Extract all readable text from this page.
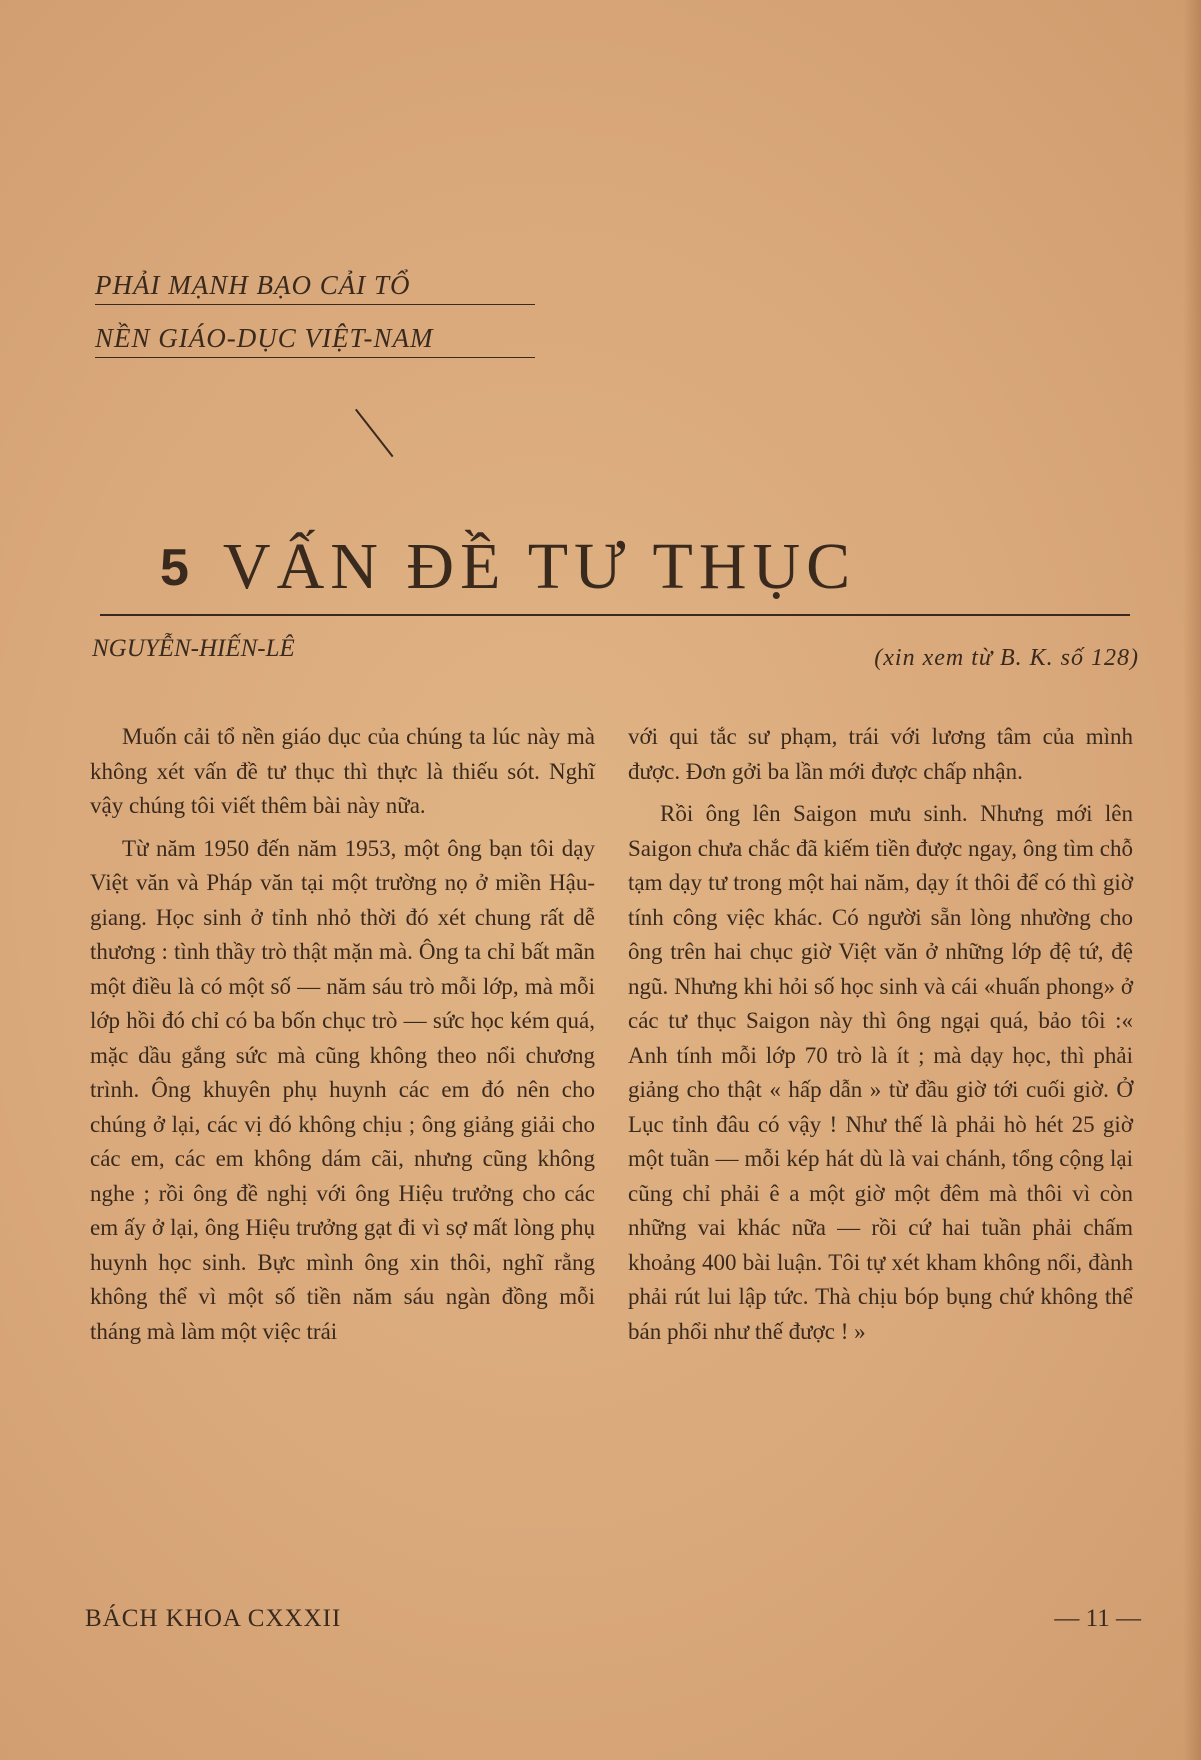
PHẢI MẠNH BẠO CẢI TỔ
NỀN GIÁO-DỤC VIỆT-NAM
5 VẤN ĐỀ TƯ THỤC
NGUYỄN-HIẾN-LÊ	(xin xem từ B. K. số 128)

Muốn cải tổ nền giáo dục của chúng ta lúc này mà không xét vấn đề tư thục thì thực là thiếu sót. Nghĩ vậy chúng tôi viết thêm bài này nữa.

Từ năm 1950 đến năm 1953, một ông bạn tôi dạy Việt văn và Pháp văn tại một trường nọ ở miền Hậu-giang. Học sinh ở tỉnh nhỏ thời đó xét chung rất dễ thương : tình thầy trò thật mặn mà. Ông ta chỉ bất mãn một điều là có một số — năm sáu trò mỗi lớp, mà mỗi lớp hồi đó chỉ có ba bốn chục trò — sức học kém quá, mặc dầu gắng sức mà cũng không theo nổi chương trình. Ông khuyên phụ huynh các em đó nên cho chúng ở lại, các vị đó không chịu ; ông giảng giải cho các em, các em không dám cãi, nhưng cũng không nghe ; rồi ông đề nghị với ông Hiệu trưởng cho các em ấy ở lại, ông Hiệu trưởng gạt đi vì sợ mất lòng phụ huynh học sinh. Bực mình ông xin thôi, nghĩ rằng không thể vì một số tiền năm sáu ngàn đồng mỗi tháng mà làm một việc trái

với qui tắc sư phạm, trái với lương tâm của mình được. Đơn gởi ba lần mới được chấp nhận.

Rồi ông lên Saigon mưu sinh. Nhưng mới lên Saigon chưa chắc đã kiếm tiền được ngay, ông tìm chỗ tạm dạy tư trong một hai năm, dạy ít thôi để có thì giờ tính công việc khác. Có người sẵn lòng nhường cho ông trên hai chục giờ Việt văn ở những lớp đệ tứ, đệ ngũ. Nhưng khi hỏi số học sinh và cái «huấn phong» ở các tư thục Saigon này thì ông ngại quá, bảo tôi :« Anh tính mỗi lớp 70 trò là ít ; mà dạy học, thì phải giảng cho thật « hấp dẫn » từ đầu giờ tới cuối giờ. Ở Lục tỉnh đâu có vậy ! Như thế là phải hò hét 25 giờ một tuần — mỗi kép hát dù là vai chánh, tổng cộng lại cũng chỉ phải ê a một giờ một đêm mà thôi vì còn những vai khác nữa — rồi cứ hai tuần phải chấm khoảng 400 bài luận. Tôi tự xét kham không nổi, đành phải rút lui lập tức. Thà chịu bóp bụng chứ không thể bán phổi như thế được ! »

BÁCH KHOA CXXXII	— 11 —
